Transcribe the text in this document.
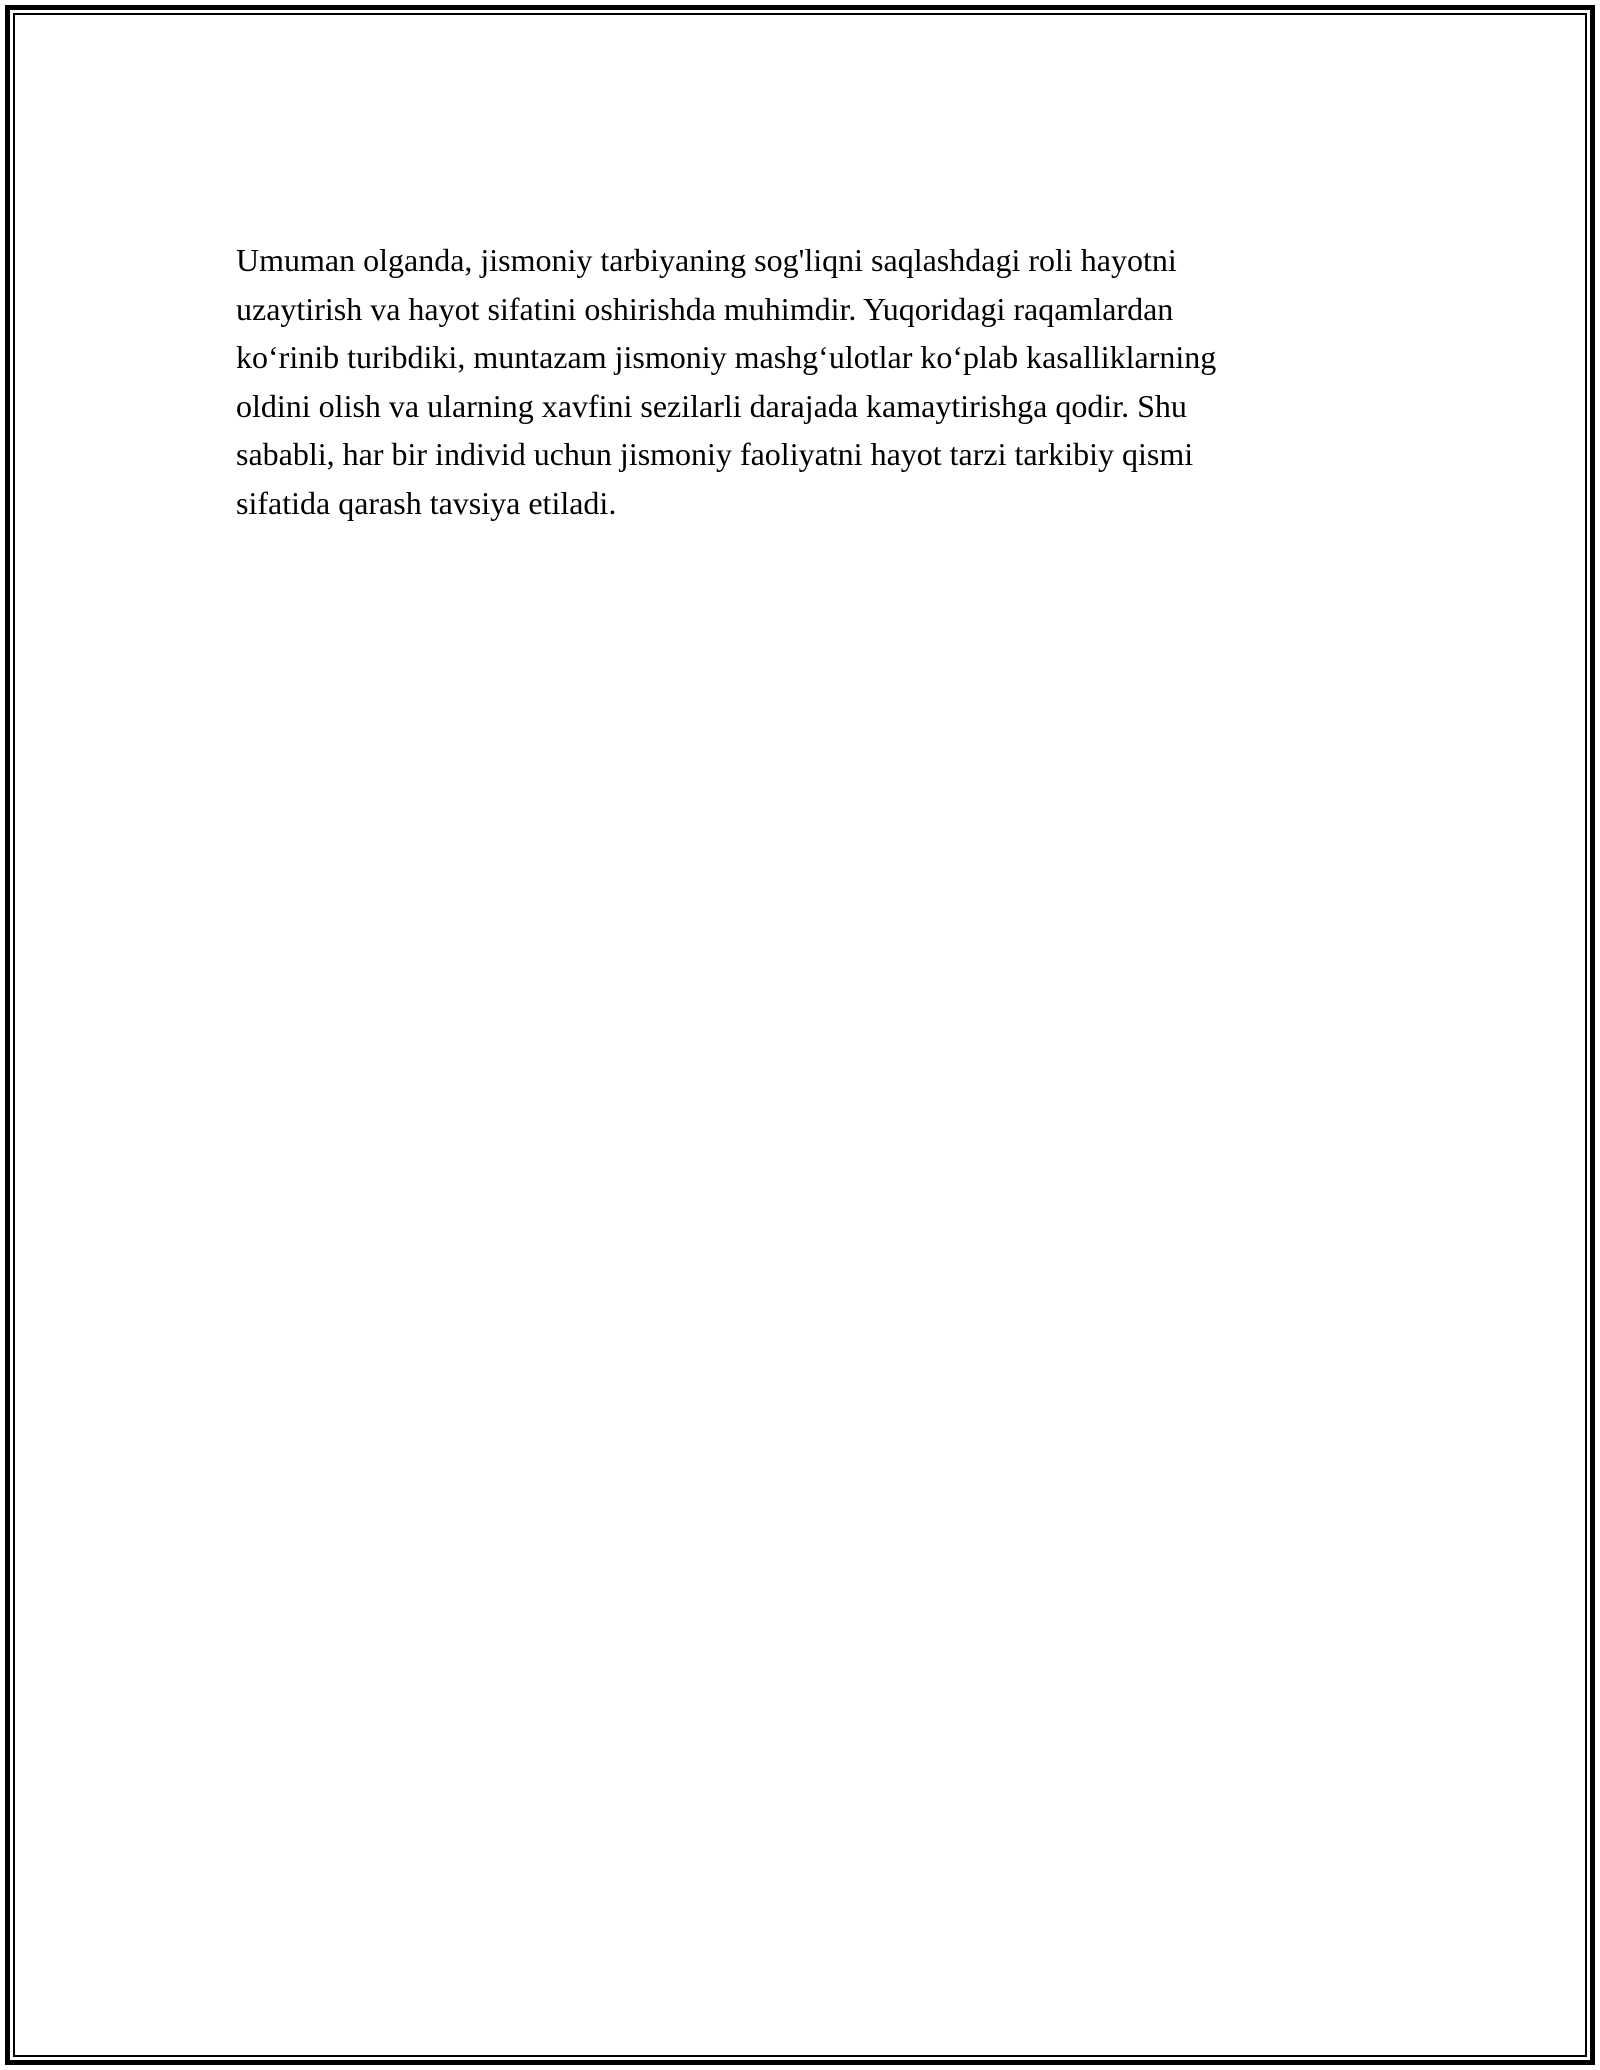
Umuman olganda, jismoniy tarbiyaning sog'liqni saqlashdagi roli hayotni
uzaytirish va hayot sifatini oshirishda muhimdir. Yuqoridagi raqamlardan
ko‘rinib turibdiki, muntazam jismoniy mashg‘ulotlar ko‘plab kasalliklarning
oldini olish va ularning xavfini sezilarli darajada kamaytirishga qodir. Shu
sababli, har bir individ uchun jismoniy faoliyatni hayot tarzi tarkibiy qismi
sifatida qarash tavsiya etiladi.
